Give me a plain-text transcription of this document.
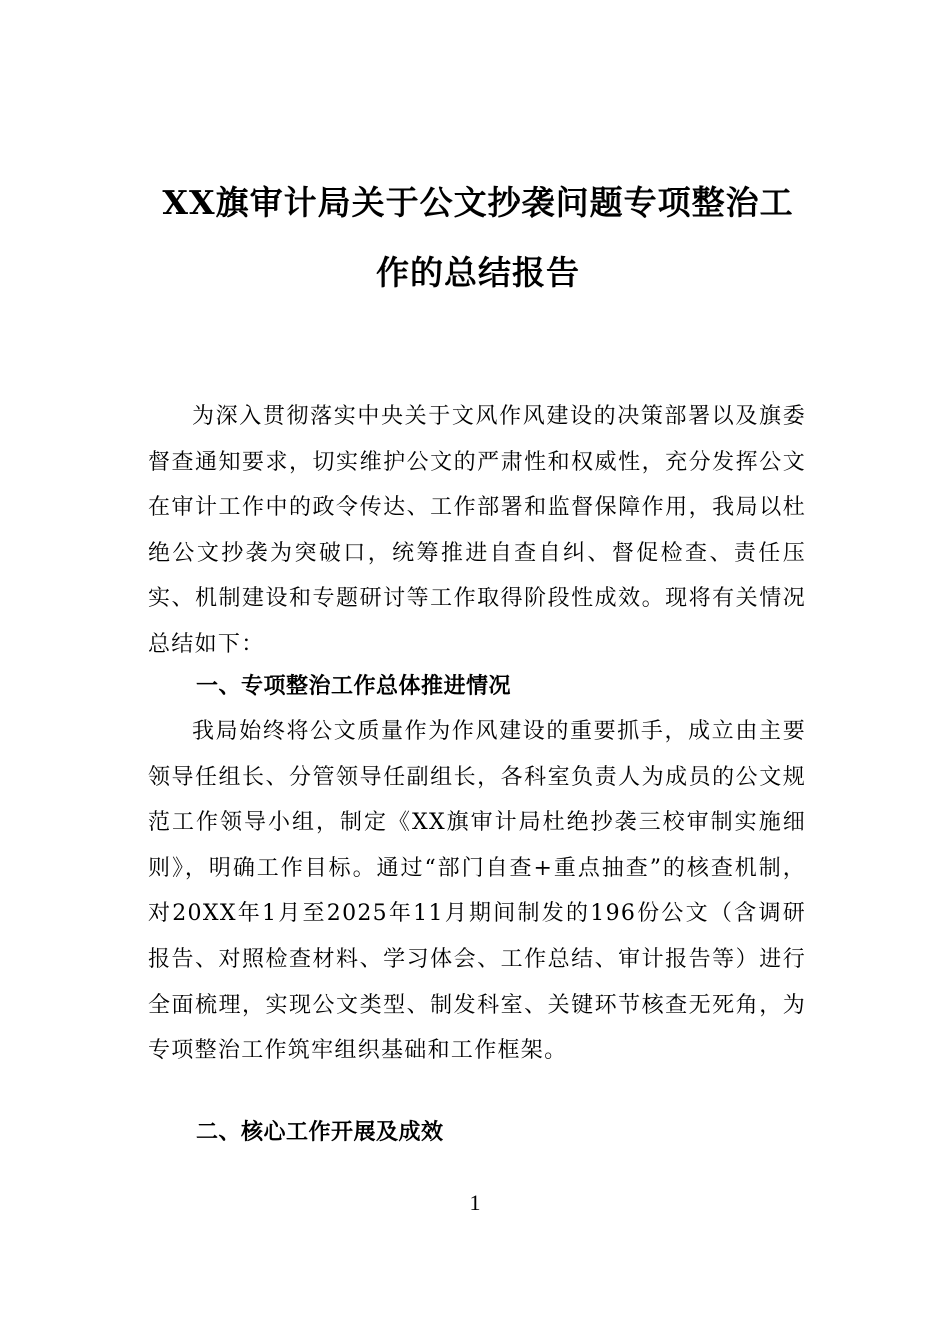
XX旗审计局关于公文抄袭问题专项整治工作的总结报告
为深入贯彻落实中央关于文风作风建设的决策部署以及旗委督查通知要求，切实维护公文的严肃性和权威性，充分发挥公文在审计工作中的政令传达、工作部署和监督保障作用，我局以杜绝公文抄袭为突破口，统筹推进自查自纠、督促检查、责任压实、机制建设和专题研讨等工作取得阶段性成效。现将有关情况总结如下：
一、专项整治工作总体推进情况
我局始终将公文质量作为作风建设的重要抓手，成立由主要领导任组长、分管领导任副组长，各科室负责人为成员的公文规范工作领导小组，制定《XX旗审计局杜绝抄袭三校审制实施细则》，明确工作目标。通过“部门自查+重点抽查”的核查机制，对20XX年1月至2025年11月期间制发的196份公文（含调研报告、对照检查材料、学习体会、工作总结、审计报告等）进行全面梳理，实现公文类型、制发科室、关键环节核查无死角，为专项整治工作筑牢组织基础和工作框架。
二、核心工作开展及成效
1
